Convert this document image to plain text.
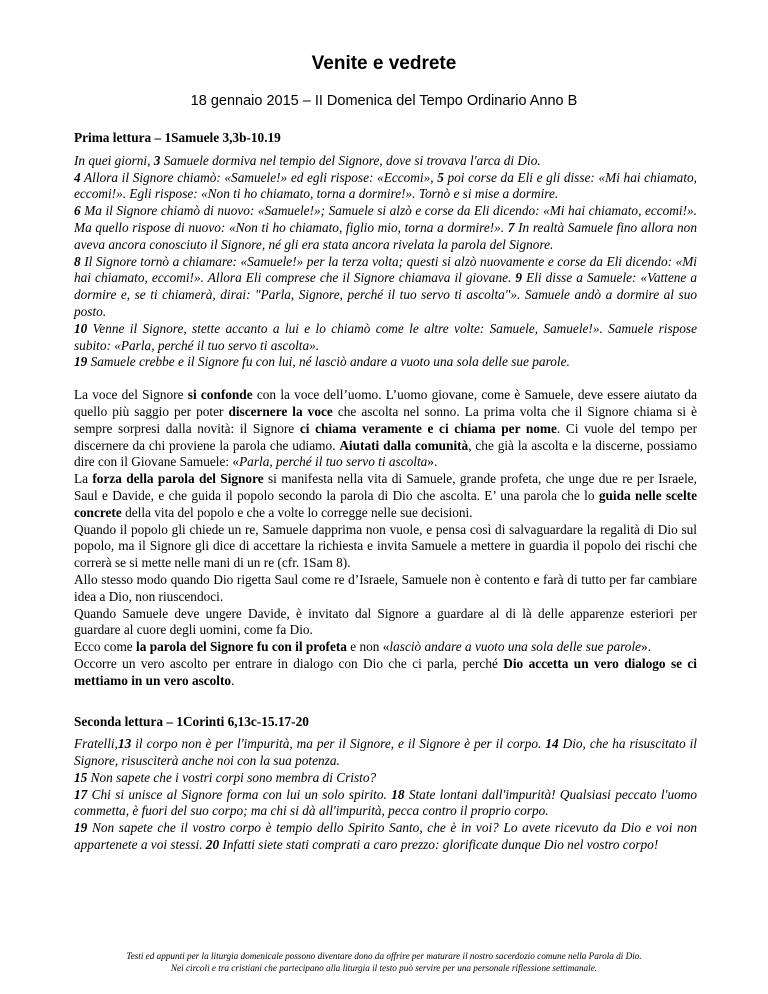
Venite e vedrete
18 gennaio 2015 – II Domenica del Tempo Ordinario Anno B

Prima lettura – 1Samuele 3,3b-10.19

In quei giorni, 3 Samuele dormiva nel tempio del Signore, dove si trovava l'arca di Dio.

4 Allora il Signore chiamò: «Samuele!» ed egli rispose: «Eccomi», 5 poi corse da Eli e gli disse: «Mi hai chiamato, eccomi!». Egli rispose: «Non ti ho chiamato, torna a dormire!». Tornò e si mise a dormire.

6 Ma il Signore chiamò di nuovo: «Samuele!»; Samuele si alzò e corse da Eli dicendo: «Mi hai chiamato, eccomi!». Ma quello rispose di nuovo: «Non ti ho chiamato, figlio mio, torna a dormire!». 7 In realtà Samuele fino allora non aveva ancora conosciuto il Signore, né gli era stata ancora rivelata la parola del Signore.

8 Il Signore tornò a chiamare: «Samuele!» per la terza volta; questi si alzò nuovamente e corse da Eli dicendo: «Mi hai chiamato, eccomi!». Allora Eli comprese che il Signore chiamava il giovane. 9 Eli disse a Samuele: «Vattene a dormire e, se ti chiamerà, dirai: "Parla, Signore, perché il tuo servo ti ascolta"». Samuele andò a dormire al suo posto.

10 Venne il Signore, stette accanto a lui e lo chiamò come le altre volte: Samuele, Samuele!». Samuele rispose subito: «Parla, perché il tuo servo ti ascolta».

19 Samuele crebbe e il Signore fu con lui, né lasciò andare a vuoto una sola delle sue parole.

La voce del Signore si confonde con la voce dell’uomo. L’uomo giovane, come è Samuele, deve essere aiutato da quello più saggio per poter discernere la voce che ascolta nel sonno. La prima volta che il Signore chiama si è sempre sorpresi dalla novità: il Signore ci chiama veramente e ci chiama per nome. Ci vuole del tempo per discernere da chi proviene la parola che udiamo. Aiutati dalla comunità, che già la ascolta e la discerne, possiamo dire con il Giovane Samuele: «Parla, perché il tuo servo ti ascolta».

La forza della parola del Signore si manifesta nella vita di Samuele, grande profeta, che unge due re per Israele, Saul e Davide, e che guida il popolo secondo la parola di Dio che ascolta. E’ una parola che lo guida nelle scelte concrete della vita del popolo e che a volte lo corregge nelle sue decisioni.

Quando il popolo gli chiede un re, Samuele dapprima non vuole, e pensa così di salvaguardare la regalità di Dio sul popolo, ma il Signore gli dice di accettare la richiesta e invita Samuele a mettere in guardia il popolo dei rischi che correrà se si mette nelle mani di un re (cfr. 1Sam 8).

Allo stesso modo quando Dio rigetta Saul come re d’Israele, Samuele non è contento e farà di tutto per far cambiare idea a Dio, non riuscendoci.

Quando Samuele deve ungere Davide, è invitato dal Signore a guardare al di là delle apparenze esteriori per guardare al cuore degli uomini, come fa Dio.

Ecco come la parola del Signore fu con il profeta e non «lasciò andare a vuoto una sola delle sue parole».

Occorre un vero ascolto per entrare in dialogo con Dio che ci parla, perché Dio accetta un vero dialogo se ci mettiamo in un vero ascolto.

Seconda lettura – 1Corinti 6,13c-15.17-20

Fratelli,13 il corpo non è per l'impurità, ma per il Signore, e il Signore è per il corpo. 14 Dio, che ha risuscitato il Signore, risusciterà anche noi con la sua potenza.

15 Non sapete che i vostri corpi sono membra di Cristo?

17 Chi si unisce al Signore forma con lui un solo spirito. 18 State lontani dall'impurità! Qualsiasi peccato l'uomo commetta, è fuori del suo corpo; ma chi si dà all'impurità, pecca contro il proprio corpo.

19 Non sapete che il vostro corpo è tempio dello Spirito Santo, che è in voi? Lo avete ricevuto da Dio e voi non appartenete a voi stessi. 20 Infatti siete stati comprati a caro prezzo: glorificate dunque Dio nel vostro corpo!

Testi ed appunti per la liturgia domenicale possono diventare dono da offrire per maturare il nostro sacerdozio comune nella Parola di Dio.
Nei circoli e tra cristiani che partecipano alla liturgia il testo può servire per una personale riflessione settimanale.
